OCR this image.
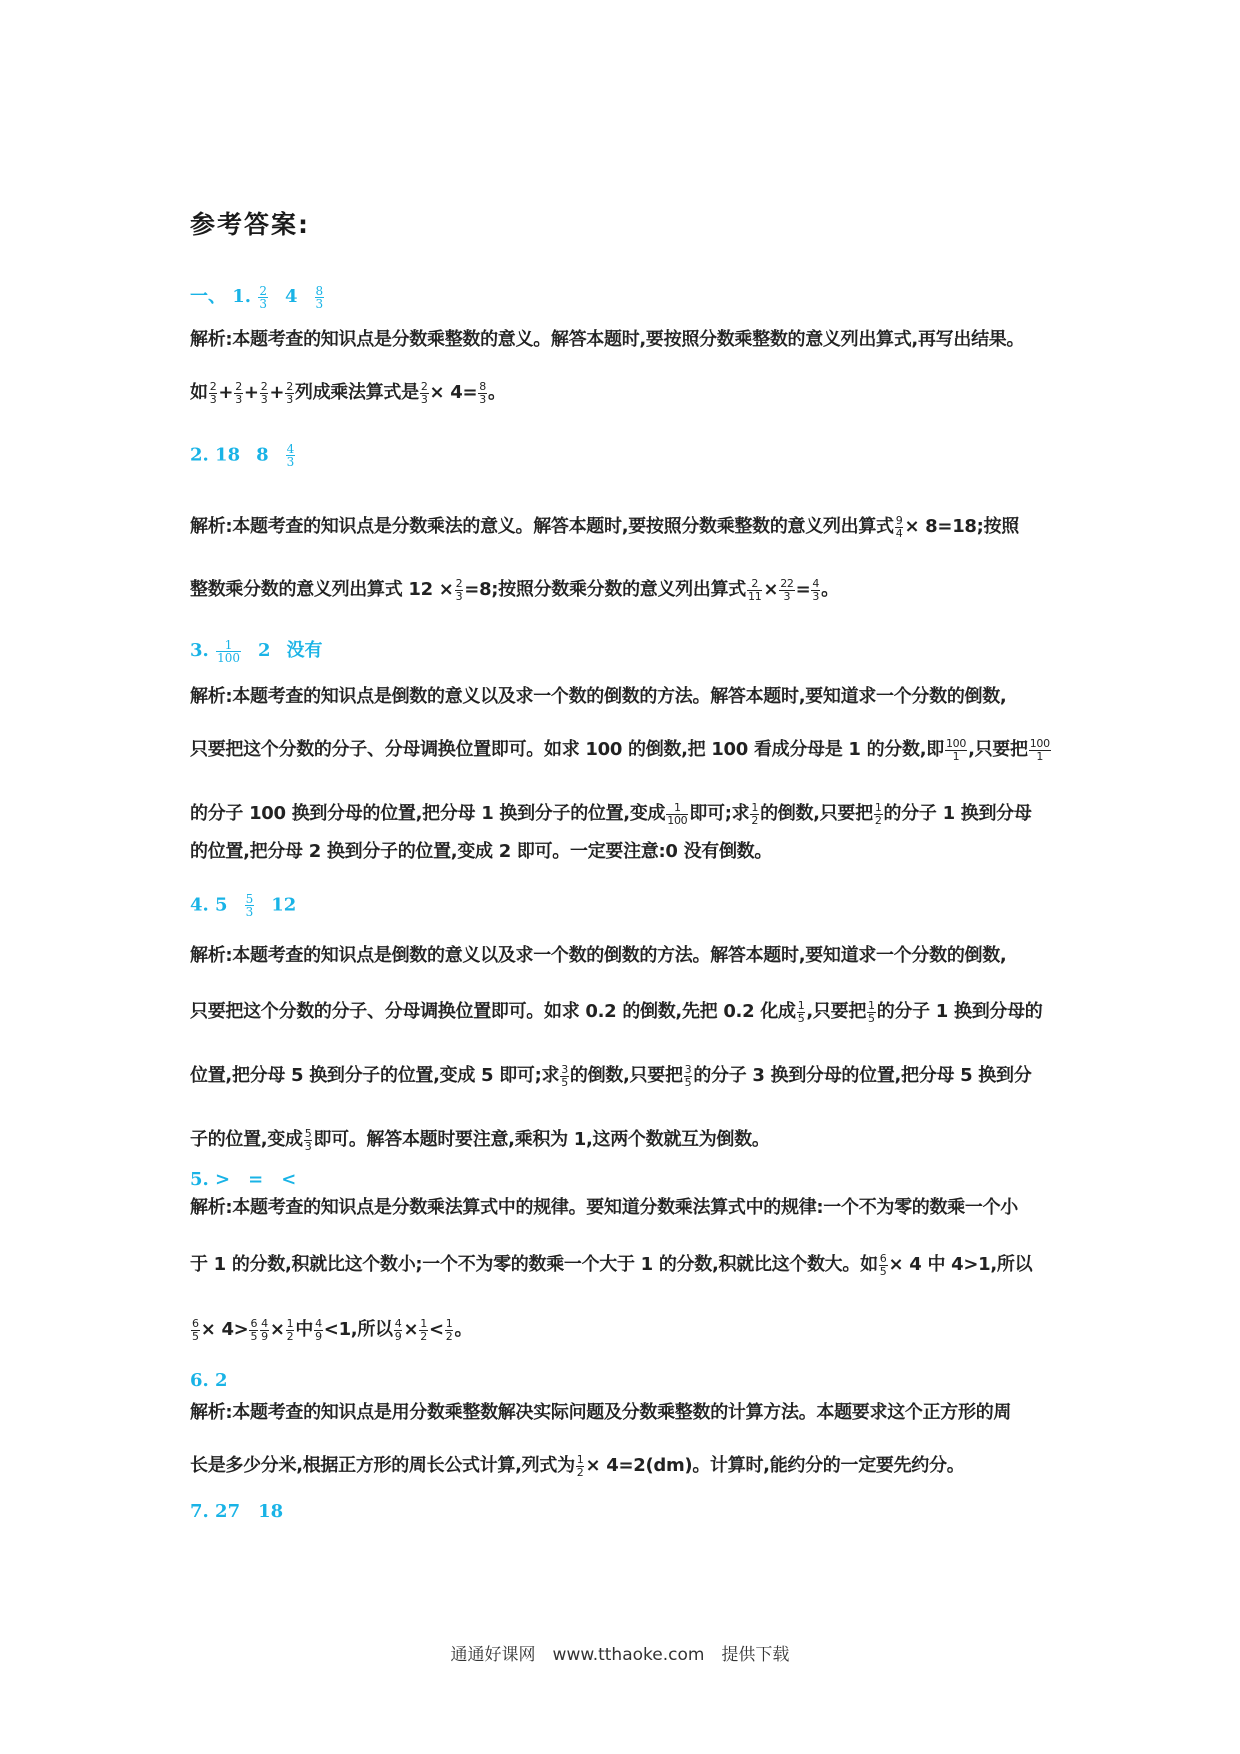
参考答案:
一、 1. $\frac{2}{3} 4 \frac{8}{3}$
解析:本题考查的知识点是分数乘整数的意义。解答本题时,要按照分数乘整数的意义列出算式,再写出结果。
如 $\frac{2}{3} + \frac{2}{3} + \frac{2}{3} + \frac{2}{3}$ 列成乘法算式是 $\frac{2}{3} \times 4= \frac{8}{3}$ 。
2. 18 $8 \frac{4}{3}$
解析:本题考查的知识点是分数乘法的意义。解答本题时,要按照分数乘整数的意义列出算式 $\frac{9}{4} \times 8=18$;按照
整数乘分数的意义列出算式 $12 \times \frac{2}{3} =8$;按照分数乘分数的意义列出算式 $\frac{2}{11} \times \frac{22}{3} = \frac{4}{3}$ 。
3. $\frac{1}{100} 2$ 没有
解析:本题考查的知识点是倒数的意义以及求一个数的倒数的方法。解答本题时,要知道求一个分数的倒数,
只要把这个分数的分子、分母调换位置即可。如求 100 的倒数,把 100 看成分母是 1 的分数,即 $\frac{100}{1}$ ,只要把 $\frac{100}{1}$
的分子 100 换到分母的位置,把分母 1 换到分子的位置,变成 $\frac{1}{100}$ 即可;求 $\frac{1}{2}$ 的倒数,只要把 $\frac{1}{2}$ 的分子 1 换到分母
的位置,把分母 2 换到分子的位置,变成 2 即可。一定要注意:0 没有倒数。
4. $5 \frac{5}{3} 12$
解析:本题考查的知识点是倒数的意义以及求一个数的倒数的方法。解答本题时,要知道求一个分数的倒数,
只要把这个分数的分子、分母调换位置即可。如求 0.2 的倒数,先把 0.2 化成 $\frac{1}{5}$ ,只要把 $\frac{1}{5}$ 的分子 1 换到分母的
位置,把分母 5 换到分子的位置,变成 5 即可;求 $\frac{3}{5}$ 的倒数,只要把 $\frac{3}{5}$ 的分子 3 换到分母的位置,把分母 5 换到分
子的位置,变成 $\frac{5}{3}$ 即可。解答本题时要注意,乘积为 1,这两个数就互为倒数。
5. >　=　<
解析:本题考查的知识点是分数乘法算式中的规律。要知道分数乘法算式中的规律:一个不为零的数乘一个小
于 1 的分数,积就比这个数小;一个不为零的数乘一个大于 1 的分数,积就比这个数大。如 $\frac{6}{5} \times 4$ 中 4>1,所以
$\frac{6}{5} \times 4> \frac{6}{5} \frac{4}{9} \times \frac{1}{2}$ 中 $\frac{4}{9} <1$,所以 $\frac{4}{9} \times \frac{1}{2} < \frac{1}{2}$ 。
6. 2
解析:本题考查的知识点是用分数乘整数解决实际问题及分数乘整数的计算方法。本题要求这个正方形的周
长是多少分米,根据正方形的周长公式计算,列式为 $\frac{1}{2} \times 4=2(dm)$。计算时,能约分的一定要先约分。
7. 27　18
通通好课网　www.tthaoke.com　提供下载
